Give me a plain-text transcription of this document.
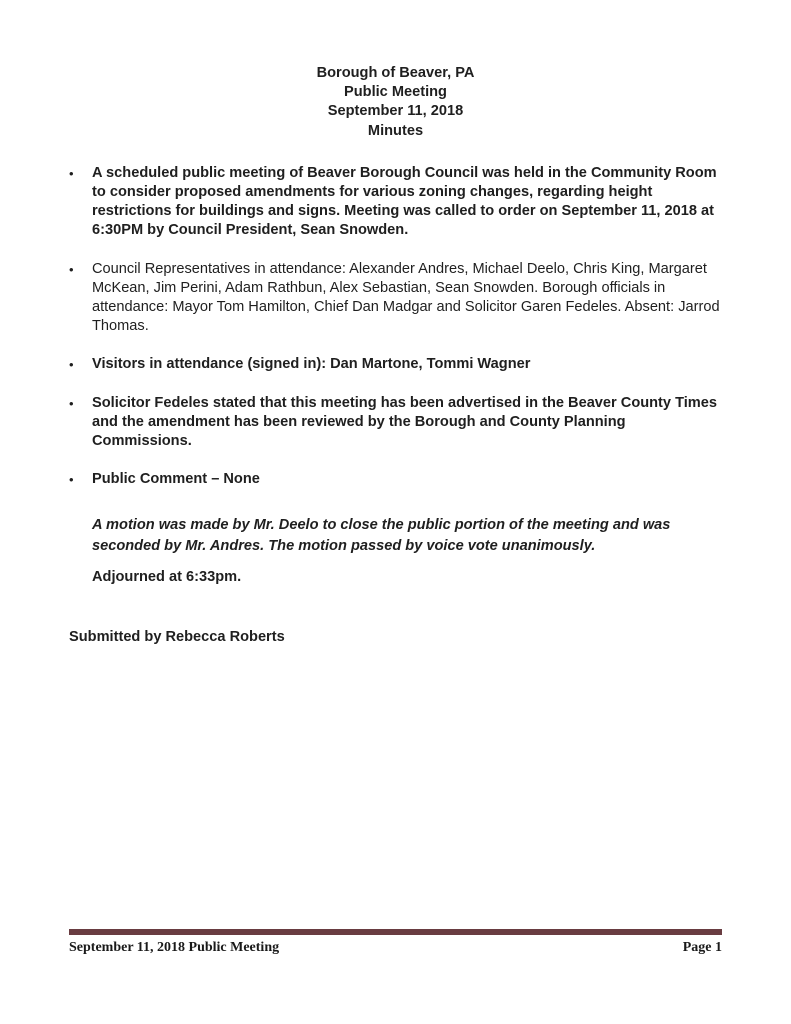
Borough of Beaver, PA
Public Meeting
September 11, 2018
Minutes
•	A scheduled public meeting of Beaver Borough Council was held in the Community Room to consider proposed amendments for various zoning changes, regarding height restrictions for buildings and signs. Meeting was called to order on September 11, 2018 at 6:30PM by Council President, Sean Snowden.
•	Council Representatives in attendance: Alexander Andres, Michael Deelo, Chris King, Margaret McKean, Jim Perini, Adam Rathbun, Alex Sebastian, Sean Snowden. Borough officials in attendance: Mayor Tom Hamilton, Chief Dan Madgar and Solicitor Garen Fedeles. Absent: Jarrod Thomas.
•	Visitors in attendance (signed in): Dan Martone, Tommi Wagner
•	Solicitor Fedeles stated that this meeting has been advertised in the Beaver County Times and the amendment has been reviewed by the Borough and County Planning Commissions.
•	Public Comment – None

A motion was made by Mr. Deelo to close the public portion of the meeting and was seconded by Mr. Andres. The motion passed by voice vote unanimously.

Adjourned at 6:33pm.

Submitted by Rebecca Roberts

September 11, 2018 Public Meeting	Page 1
